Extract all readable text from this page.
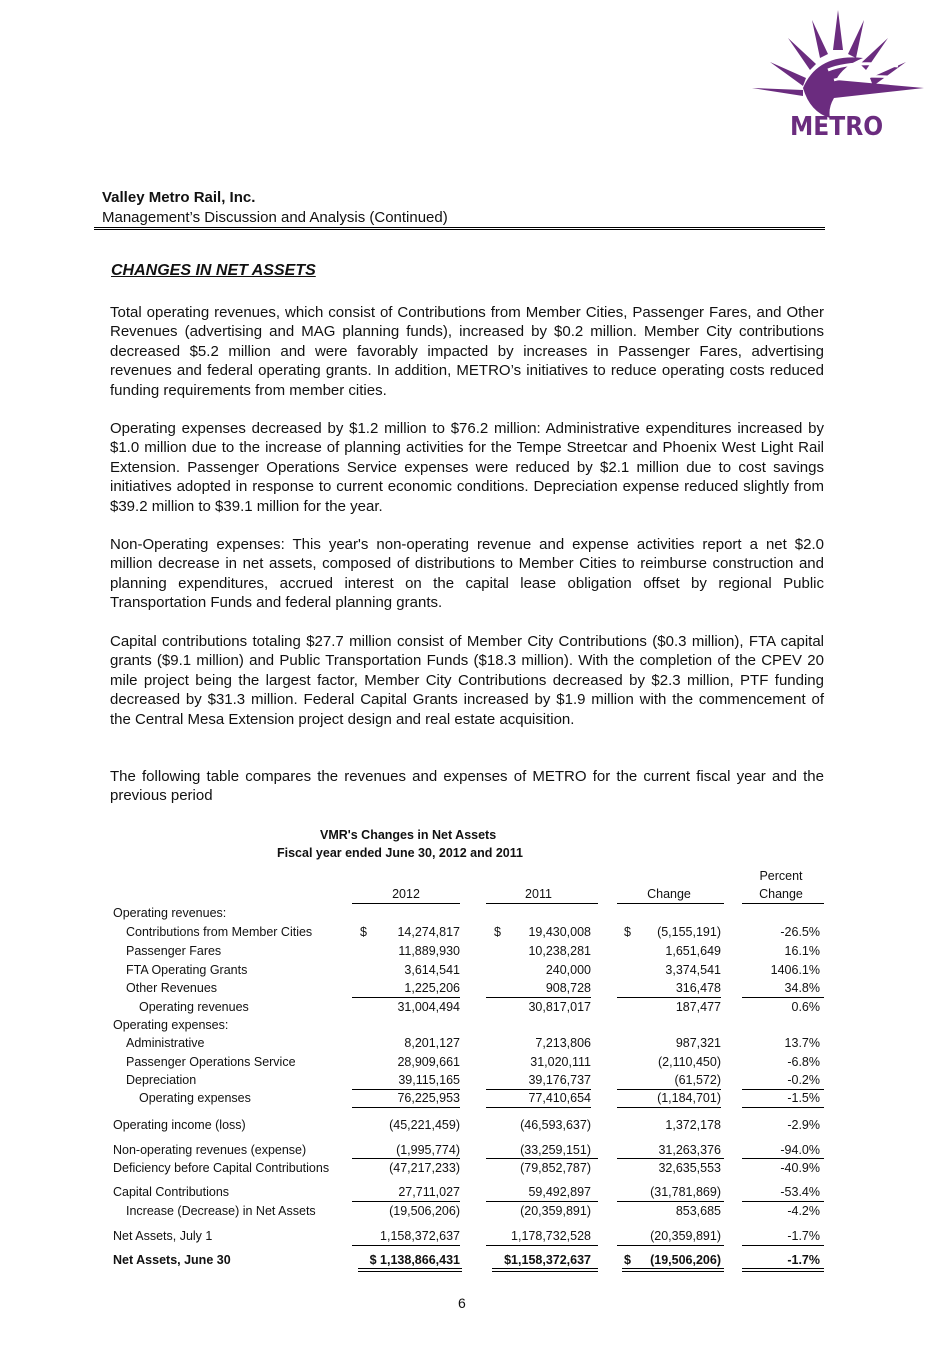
METRO
Valley Metro Rail, Inc.
Management’s Discussion and Analysis (Continued)
CHANGES IN NET ASSETS

Total operating revenues, which consist of Contributions from Member Cities, Passenger Fares, and Other Revenues (advertising and MAG planning funds), increased by $0.2 million. Member City contributions decreased $5.2 million and were favorably impacted by increases in Passenger Fares, advertising revenues and federal operating grants. In addition, METRO’s initiatives to reduce operating costs reduced funding requirements from member cities.

Operating expenses decreased by $1.2 million to $76.2 million: Administrative expenditures increased by $1.0 million due to the increase of planning activities for the Tempe Streetcar and Phoenix West Light Rail Extension. Passenger Operations Service expenses were reduced by $2.1 million due to cost savings initiatives adopted in response to current economic conditions. Depreciation expense reduced slightly from $39.2 million to $39.1 million for the year.

Non-Operating expenses: This year's non-operating revenue and expense activities report a net $2.0 million decrease in net assets, composed of distributions to Member Cities to reimburse construction and planning expenditures, accrued interest on the capital lease obligation offset by regional Public Transportation Funds and federal planning grants.

Capital contributions totaling $27.7 million consist of Member City Contributions ($0.3 million), FTA capital grants ($9.1 million) and Public Transportation Funds ($18.3 million). With the completion of the CPEV 20 mile project being the largest factor, Member City Contributions decreased by $2.3 million, PTF funding decreased by $31.3 million. Federal Capital Grants increased by $1.9 million with the commencement of the Central Mesa Extension project design and real estate acquisition.

The following table compares the revenues and expenses of METRO for the current fiscal year and the previous period

VMR's Changes in Net Assets
Fiscal year ended June 30, 2012 and 2011
2012	2011	Change
Percent
Change
Operating revenues:
Contributions from Member Cities	$	14,274,817	$	19,430,008	$	(5,155,191)	-26.5%
Passenger Fares	11,889,930	10,238,281	1,651,649	16.1%
FTA Operating Grants	3,614,541	240,000	3,374,541	1406.1%
Other Revenues	1,225,206	908,728	316,478	34.8%
Operating revenues	31,004,494	30,817,017	187,477	0.6%
Operating expenses:
Administrative	8,201,127	7,213,806	987,321	13.7%
Passenger Operations Service	28,909,661	31,020,111	(2,110,450)	-6.8%
Depreciation	39,115,165	39,176,737	(61,572)	-0.2%
Operating expenses	76,225,953	77,410,654	(1,184,701)	-1.5%
Operating income (loss)	(45,221,459)	(46,593,637)	1,372,178	-2.9%
Non-operating revenues (expense)	(1,995,774)	(33,259,151)	31,263,376	-94.0%
Deficiency before Capital Contributions	(47,217,233)	(79,852,787)	32,635,553	-40.9%
Capital Contributions	27,711,027	59,492,897	(31,781,869)	-53.4%
Increase (Decrease) in Net Assets	(19,506,206)	(20,359,891)	853,685	-4.2%
Net Assets, July 1	1,158,372,637	1,178,732,528	(20,359,891)	-1.7%
Net Assets, June 30	$ 1,138,866,431	$1,158,372,637	$	(19,506,206)	-1.7%
6
